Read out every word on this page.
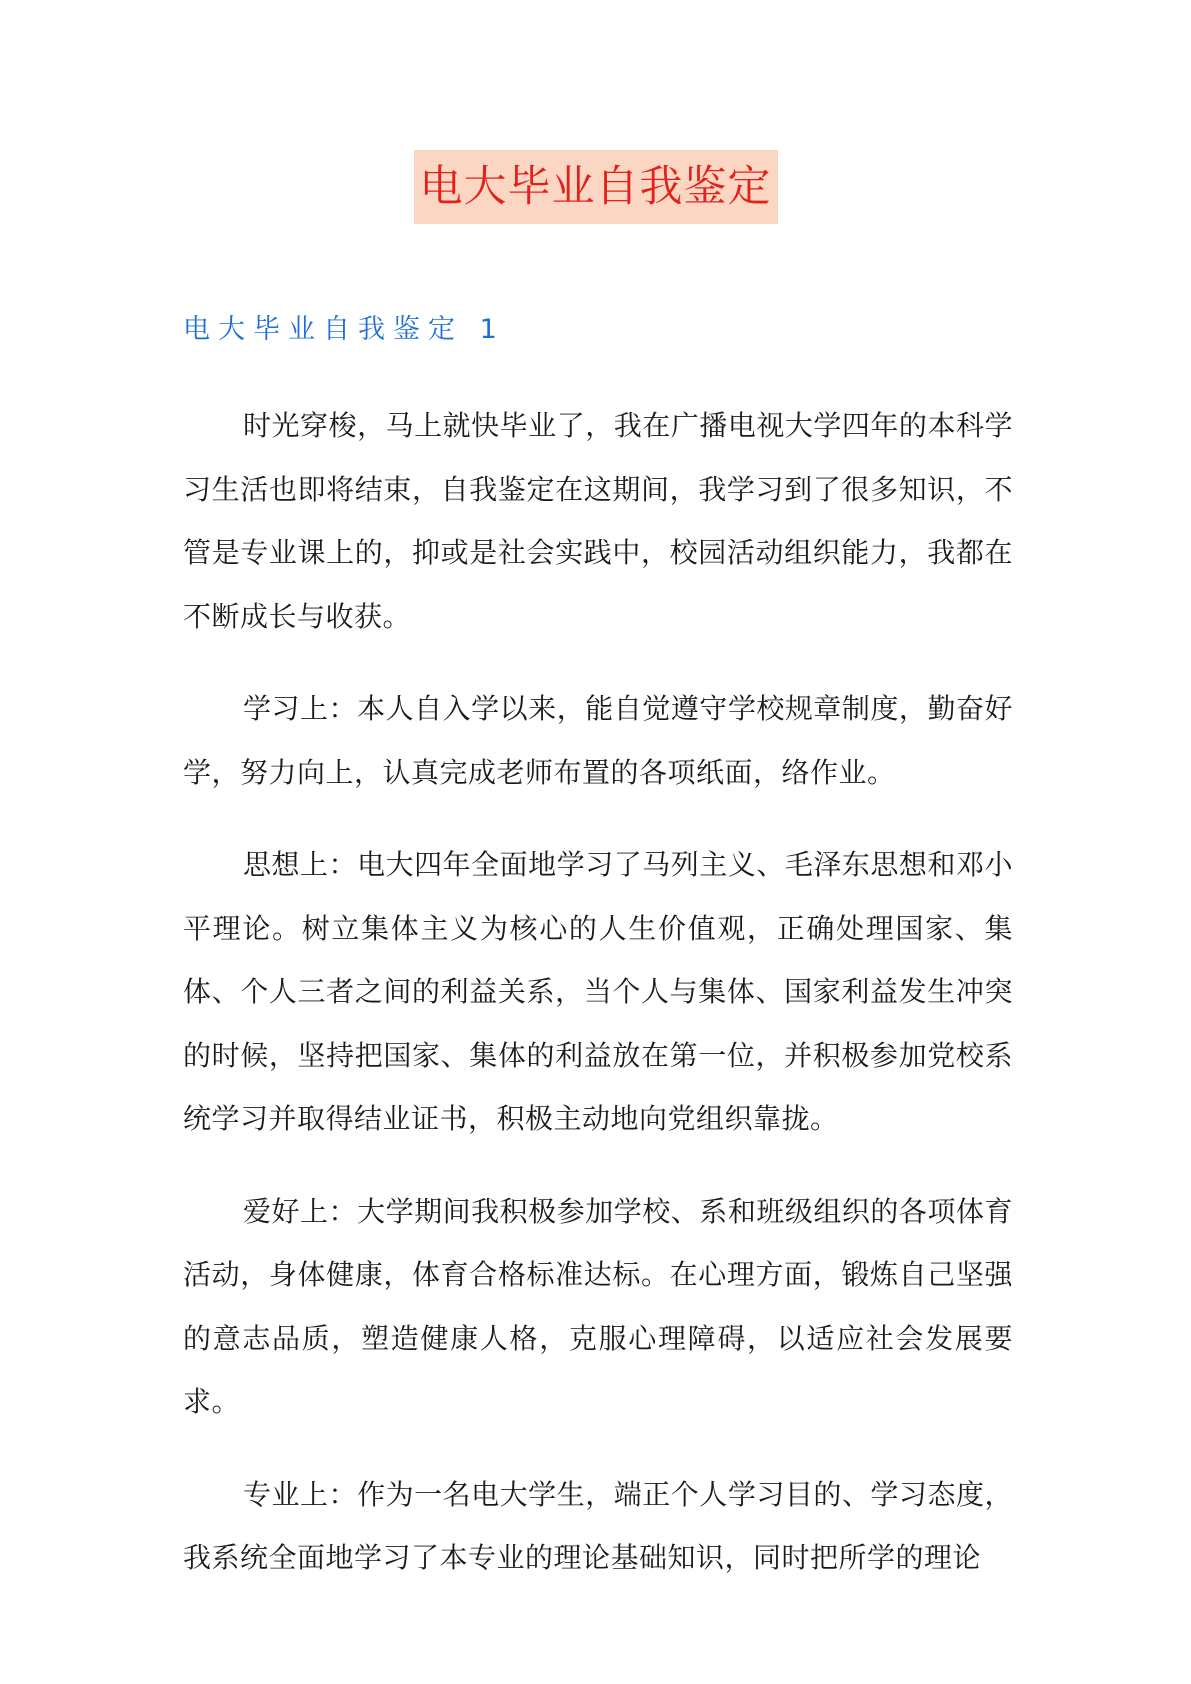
电大毕业自我鉴定
电大毕业自我鉴定 1

时光穿梭，马上就快毕业了，我在广播电视大学四年的本科学习生活也即将结束，自我鉴定在这期间，我学习到了很多知识，不管是专业课上的，抑或是社会实践中，校园活动组织能力，我都在不断成长与收获。

学习上：本人自入学以来，能自觉遵守学校规章制度，勤奋好学，努力向上，认真完成老师布置的各项纸面，络作业。

思想上：电大四年全面地学习了马列主义、毛泽东思想和邓小平理论。树立集体主义为核心的人生价值观，正确处理国家、集体、个人三者之间的利益关系，当个人与集体、国家利益发生冲突的时候，坚持把国家、集体的利益放在第一位，并积极参加党校系统学习并取得结业证书，积极主动地向党组织靠拢。

爱好上：大学期间我积极参加学校、系和班级组织的各项体育活动，身体健康，体育合格标准达标。在心理方面，锻炼自己坚强的意志品质，塑造健康人格，克服心理障碍，以适应社会发展要求。

专业上：作为一名电大学生，端正个人学习目的、学习态度，我系统全面地学习了本专业的理论基础知识，同时把所学的理论
